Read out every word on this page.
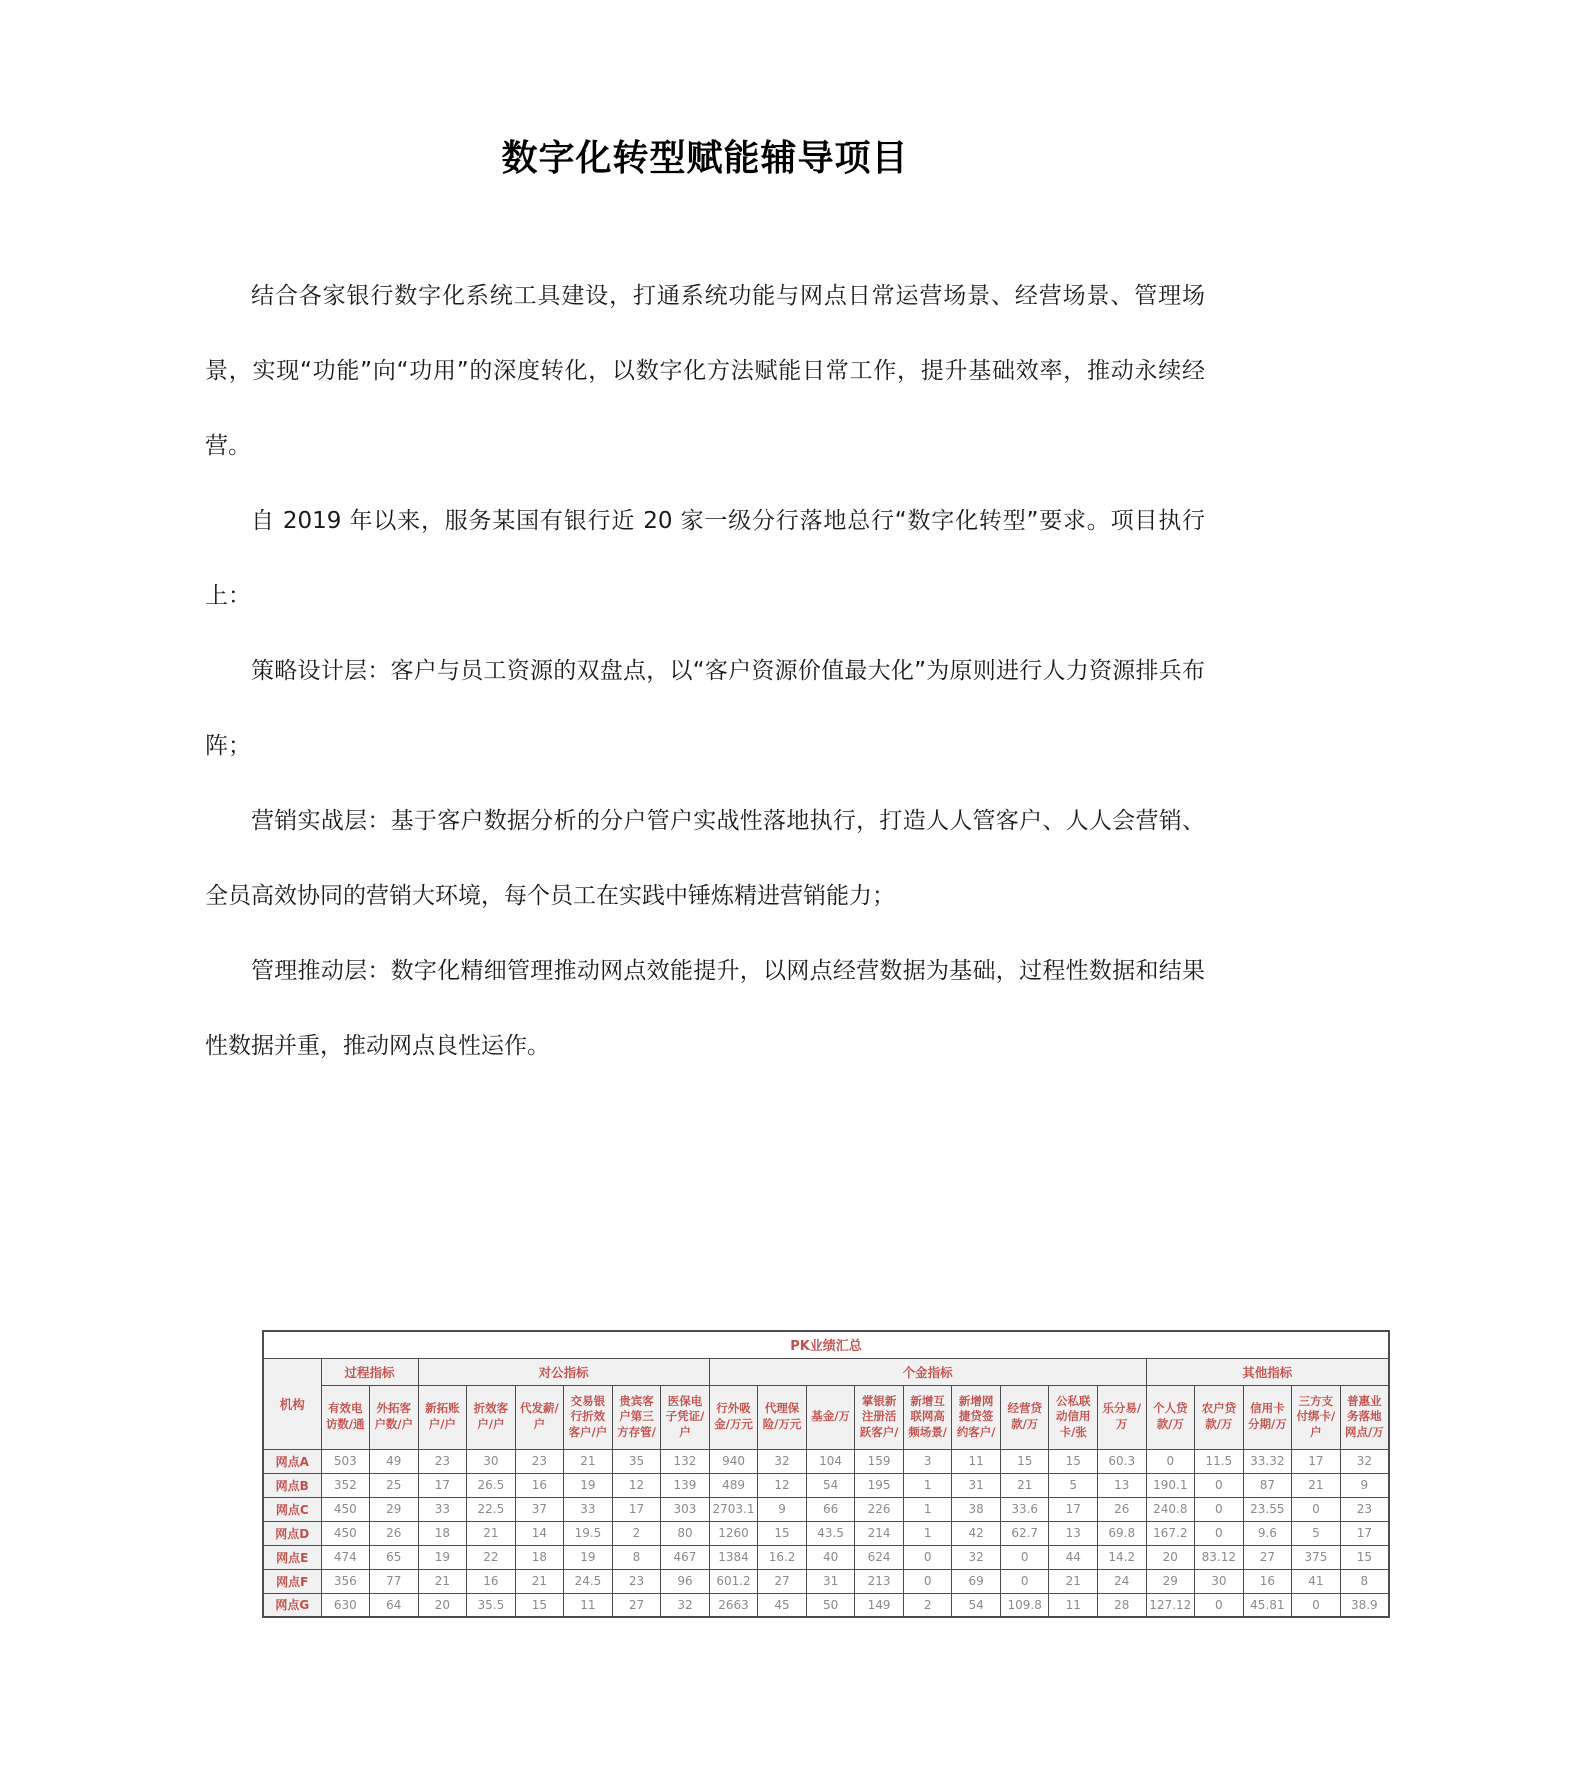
数字化转型赋能辅导项目

结合各家银行数字化系统工具建设，打通系统功能与网点日常运营场景、经营场景、管理场景，实现“功能”向“功用”的深度转化，以数字化方法赋能日常工作，提升基础效率，推动永续经营。

自 2019 年以来，服务某国有银行近 20 家一级分行落地总行“数字化转型”要求。项目执行上：

策略设计层：客户与员工资源的双盘点，以“客户资源价值最大化”为原则进行人力资源排兵布阵；

营销实战层：基于客户数据分析的分户管户实战性落地执行，打造人人管客户、人人会营销、全员高效协同的营销大环境，每个员工在实践中锤炼精进营销能力；

管理推动层：数字化精细管理推动网点效能提升，以网点经营数据为基础，过程性数据和结果性数据并重，推动网点良性运作。

PK业绩汇总																						
机构	过程指标		对公指标						个金指标									其他指标				
	有效电访数/通	外拓客户数/户	新拓账户/户	折效客户/户	代发薪/户	交易银行折效客户/户	贵宾客户第三方存管/	医保电子凭证/户	行外吸金/万元	代理保险/万元	基金/万	掌银新注册活跃客户/	新增互联网高频场景/	新增网捷贷签约客户/	经营贷款/万	公私联动信用卡/张	乐分易/万	个人贷款/万	农户贷款/万	信用卡分期/万	三方支付绑卡/户	普惠业务落地网点/万
网点A	503	49	23	30	23	21	35	132	940	32	104	159	3	11	15	15	60.3	0	11.5	33.32	17	32
网点B	352	25	17	26.5	16	19	12	139	489	12	54	195	1	31	21	5	13	190.1	0	87	21	9
网点C	450	29	33	22.5	37	33	17	303	2703.1	9	66	226	1	38	33.6	17	26	240.8	0	23.55	0	23
网点D	450	26	18	21	14	19.5	2	80	1260	15	43.5	214	1	42	62.7	13	69.8	167.2	0	9.6	5	17
网点E	474	65	19	22	18	19	8	467	1384	16.2	40	624	0	32	0	44	14.2	20	83.12	27	375	15
网点F	356	77	21	16	21	24.5	23	96	601.2	27	31	213	0	69	0	21	24	29	30	16	41	8
网点G	630	64	20	35.5	15	11	27	32	2663	45	50	149	2	54	109.8	11	28	127.12	0	45.81	0	38.9
